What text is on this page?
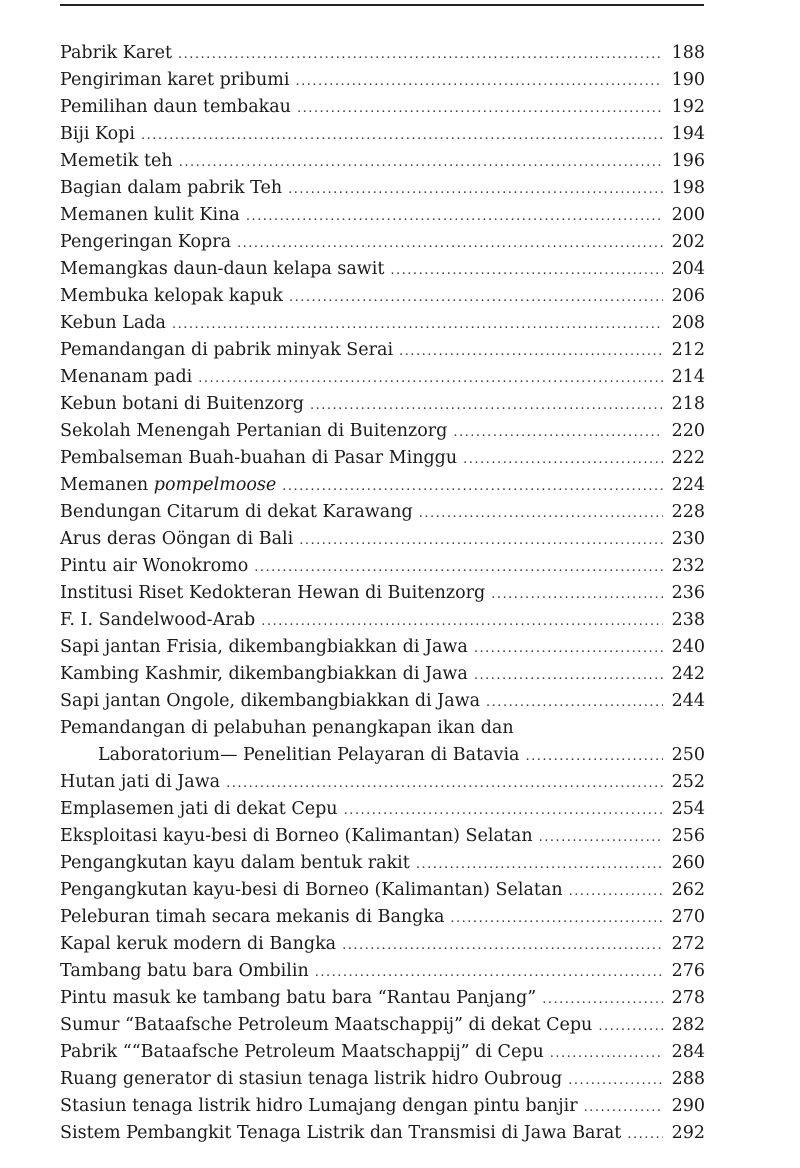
Pabrik Karet .....	188
Pengiriman karet pribumi .....	190
Pemilihan daun tembakau .....	192
Biji Kopi .....	194
Memetik teh .....	196
Bagian dalam pabrik Teh .....	198
Memanen kulit Kina .....	200
Pengeringan Kopra .....	202
Memangkas daun-daun kelapa sawit .....	204
Membuka kelopak kapuk .....	206
Kebun Lada .....	208
Pemandangan di pabrik minyak Serai .....	212
Menanam padi .....	214
Kebun botani di Buitenzorg .....	218
Sekolah Menengah Pertanian di Buitenzorg .....	220
Pembalseman Buah-buahan di Pasar Minggu .....	222
Memanen pompelmoose .....	224
Bendungan Citarum di dekat Karawang .....	228
Arus deras Oöngan di Bali .....	230
Pintu air Wonokromo .....	232
Institusi Riset Kedokteran Hewan di Buitenzorg .....	236
F. I. Sandelwood-Arab .....	238
Sapi jantan Frisia, dikembangbiakkan di Jawa .....	240
Kambing Kashmir, dikembangbiakkan di Jawa .....	242
Sapi jantan Ongole, dikembangbiakkan di Jawa .....	244
Pemandangan di pelabuhan penangkapan ikan dan
Laboratorium— Penelitian Pelayaran di Batavia .....	250
Hutan jati di Jawa .....	252
Emplasemen jati di dekat Cepu .....	254
Eksploitasi kayu-besi di Borneo (Kalimantan) Selatan .....	256
Pengangkutan kayu dalam bentuk rakit .....	260
Pengangkutan kayu-besi di Borneo (Kalimantan) Selatan .....	262
Peleburan timah secara mekanis di Bangka .....	270
Kapal keruk modern di Bangka .....	272
Tambang batu bara Ombilin .....	276
Pintu masuk ke tambang batu bara “Rantau Panjang” .....	278
Sumur “Bataafsche Petroleum Maatschappij” di dekat Cepu .....	282
Pabrik ““Bataafsche Petroleum Maatschappij” di Cepu .....	284
Ruang generator di stasiun tenaga listrik hidro Oubroug .....	288
Stasiun tenaga listrik hidro Lumajang dengan pintu banjir .....	290
Sistem Pembangkit Tenaga Listrik dan Transmisi di Jawa Barat .....	292
